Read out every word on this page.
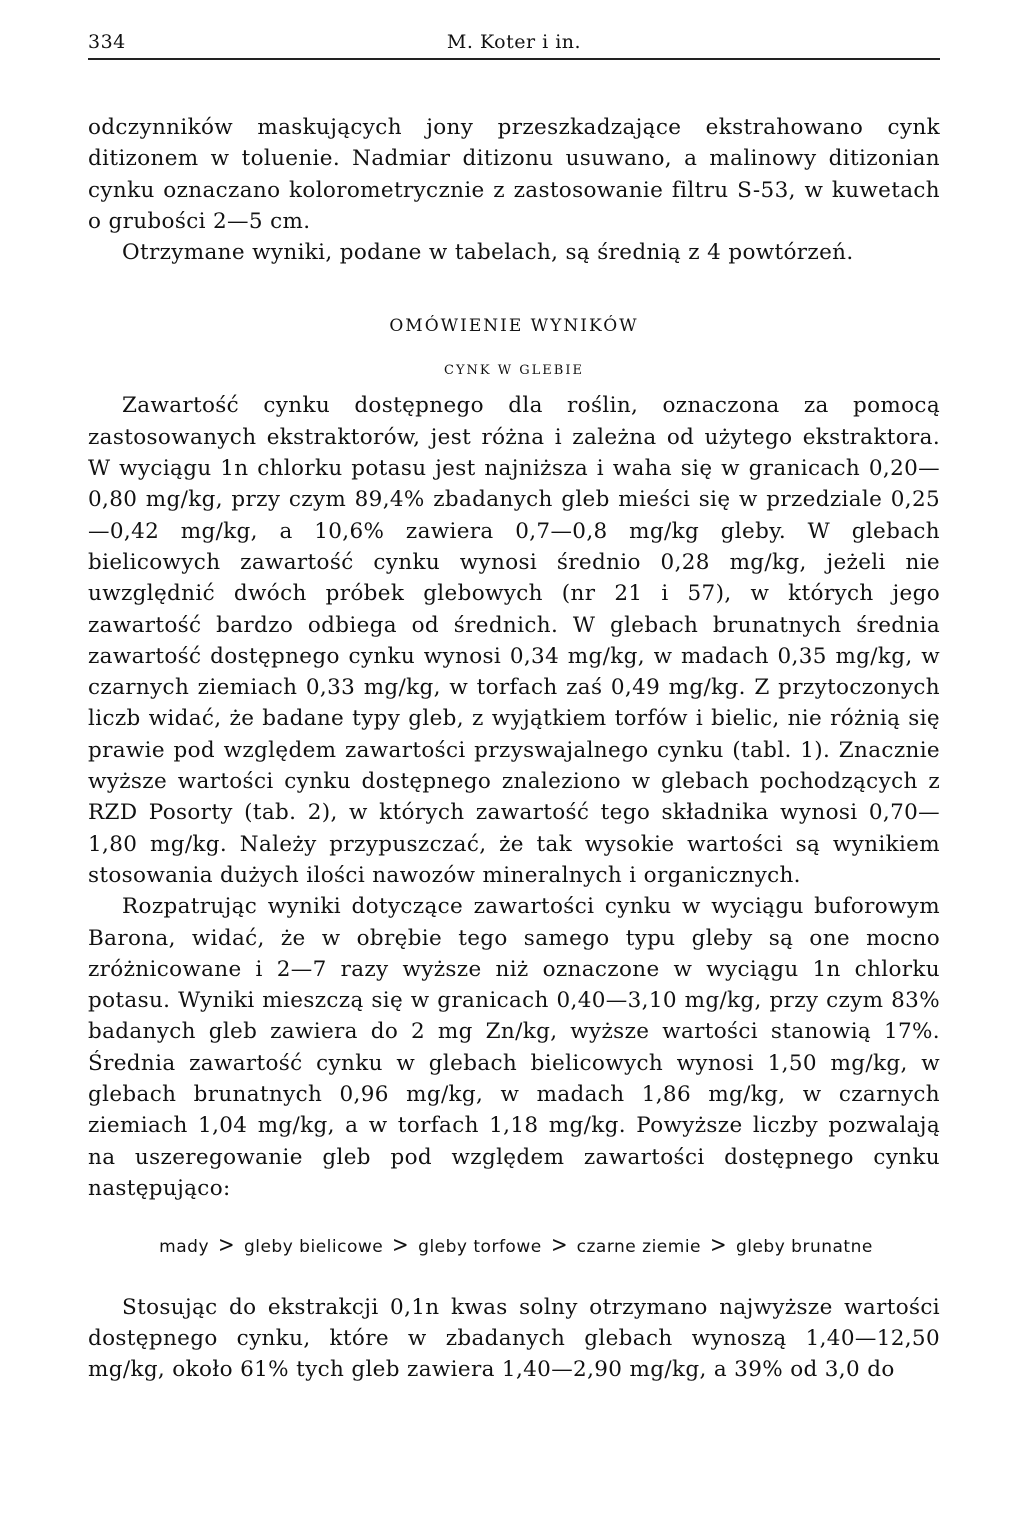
334	M. Koter i in.

odczynników maskujących jony przeszkadzające ekstrahowano cynk ditizonem w toluenie. Nadmiar ditizonu usuwano, a malinowy ditizonian cynku oznaczano kolorometrycznie z zastosowanie filtru S-53, w kuwetach o grubości 2—5 cm.

Otrzymane wyniki, podane w tabelach, są średnią z 4 powtórzeń.

OMÓWIENIE WYNIKÓW
CYNK W GLEBIE

Zawartość cynku dostępnego dla roślin, oznaczona za pomocą zastosowanych ekstraktorów, jest różna i zależna od użytego ekstraktora. W wyciągu 1n chlorku potasu jest najniższa i waha się w granicach 0,20—0,80 mg/kg, przy czym 89,4% zbadanych gleb mieści się w przedziale 0,25—0,42 mg/kg, a 10,6% zawiera 0,7—0,8 mg/kg gleby. W glebach bielicowych zawartość cynku wynosi średnio 0,28 mg/kg, jeżeli nie uwzględnić dwóch próbek glebowych (nr 21 i 57), w których jego zawartość bardzo odbiega od średnich. W glebach brunatnych średnia zawartość dostępnego cynku wynosi 0,34 mg/kg, w madach 0,35 mg/kg, w czarnych ziemiach 0,33 mg/kg, w torfach zaś 0,49 mg/kg. Z przytoczonych liczb widać, że badane typy gleb, z wyjątkiem torfów i bielic, nie różnią się prawie pod względem zawartości przyswajalnego cynku (tabl. 1). Znacznie wyższe wartości cynku dostępnego znaleziono w glebach pochodzących z RZD Posorty (tab. 2), w których zawartość tego składnika wynosi 0,70—1,80 mg/kg. Należy przypuszczać, że tak wysokie wartości są wynikiem stosowania dużych ilości nawozów mineralnych i organicznych.

Rozpatrując wyniki dotyczące zawartości cynku w wyciągu buforowym Barona, widać, że w obrębie tego samego typu gleby są one mocno zróżnicowane i 2—7 razy wyższe niż oznaczone w wyciągu 1n chlorku potasu. Wyniki mieszczą się w granicach 0,40—3,10 mg/kg, przy czym 83% badanych gleb zawiera do 2 mg Zn/kg, wyższe wartości stanowią 17%. Średnia zawartość cynku w glebach bielicowych wynosi 1,50 mg/kg, w glebach brunatnych 0,96 mg/kg, w madach 1,86 mg/kg, w czarnych ziemiach 1,04 mg/kg, a w torfach 1,18 mg/kg. Powyższe liczby pozwalają na uszeregowanie gleb pod względem zawartości dostępnego cynku następująco:

mady > gleby bielicowe > gleby torfowe > czarne ziemie > gleby brunatne

Stosując do ekstrakcji 0,1n kwas solny otrzymano najwyższe wartości dostępnego cynku, które w zbadanych glebach wynoszą 1,40—12,50 mg/kg, około 61% tych gleb zawiera 1,40—2,90 mg/kg, a 39% od 3,0 do
